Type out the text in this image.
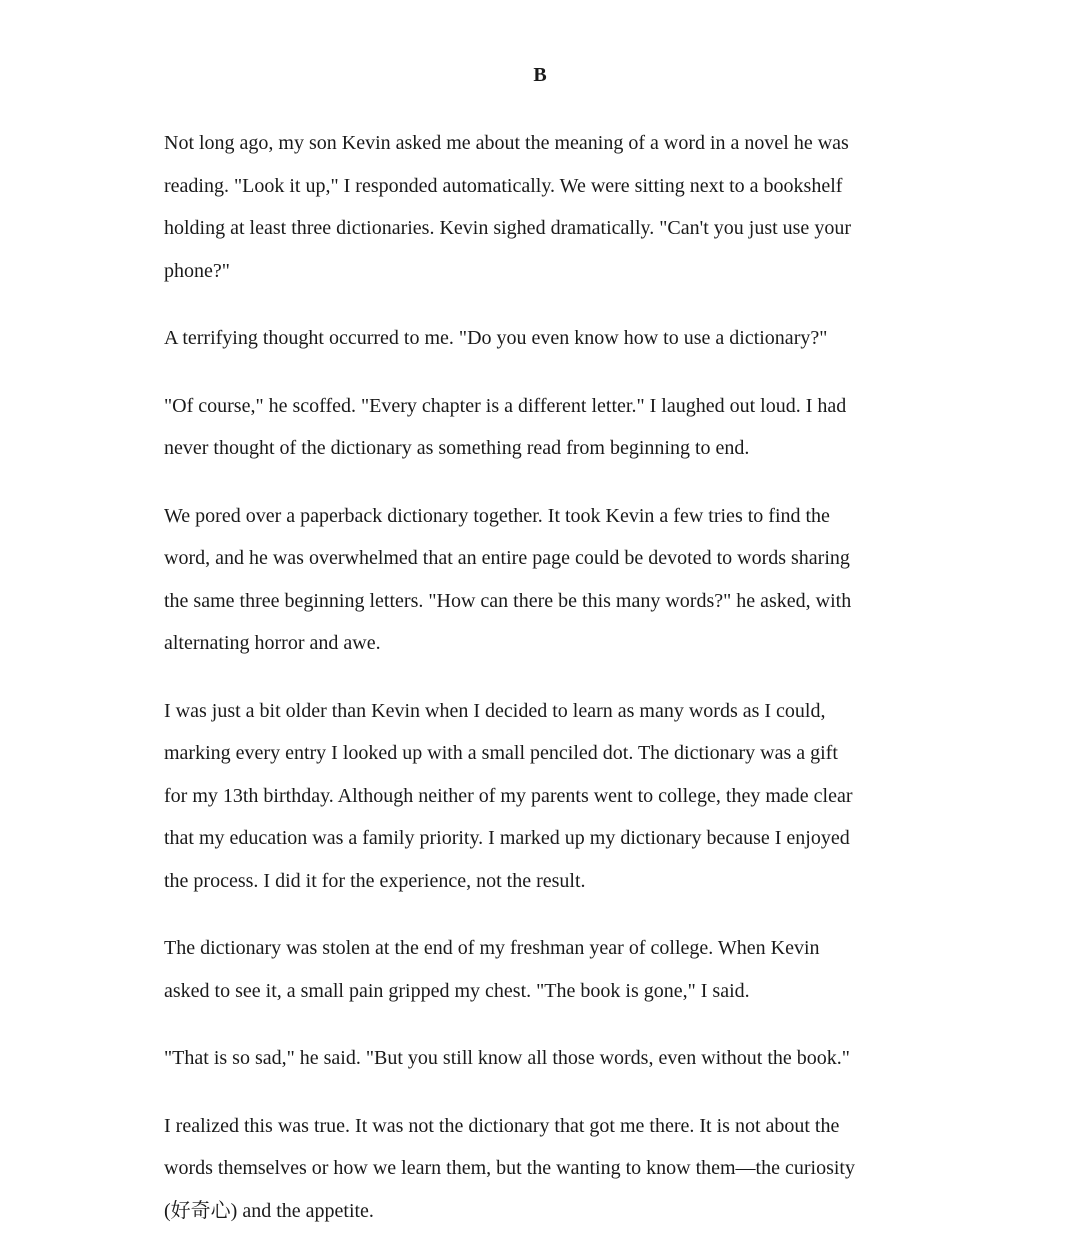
B

Not long ago, my son Kevin asked me about the meaning of a word in a novel he was
reading. "Look it up," I responded automatically. We were sitting next to a bookshelf
holding at least three dictionaries. Kevin sighed dramatically. "Can't you just use your
phone?"

A terrifying thought occurred to me. "Do you even know how to use a dictionary?"

"Of course," he scoffed. "Every chapter is a different letter." I laughed out loud. I had
never thought of the dictionary as something read from beginning to end.

We pored over a paperback dictionary together. It took Kevin a few tries to find the
word, and he was overwhelmed that an entire page could be devoted to words sharing
the same three beginning letters. "How can there be this many words?" he asked, with
alternating horror and awe.

I was just a bit older than Kevin when I decided to learn as many words as I could,
marking every entry I looked up with a small penciled dot. The dictionary was a gift
for my 13th birthday. Although neither of my parents went to college, they made clear
that my education was a family priority. I marked up my dictionary because I enjoyed
the process. I did it for the experience, not the result.

The dictionary was stolen at the end of my freshman year of college. When Kevin
asked to see it, a small pain gripped my chest. "The book is gone," I said.

"That is so sad," he said. "But you still know all those words, even without the book."

I realized this was true. It was not the dictionary that got me there. It is not about the
words themselves or how we learn them, but the wanting to know them—the curiosity
(好奇心) and the appetite.
